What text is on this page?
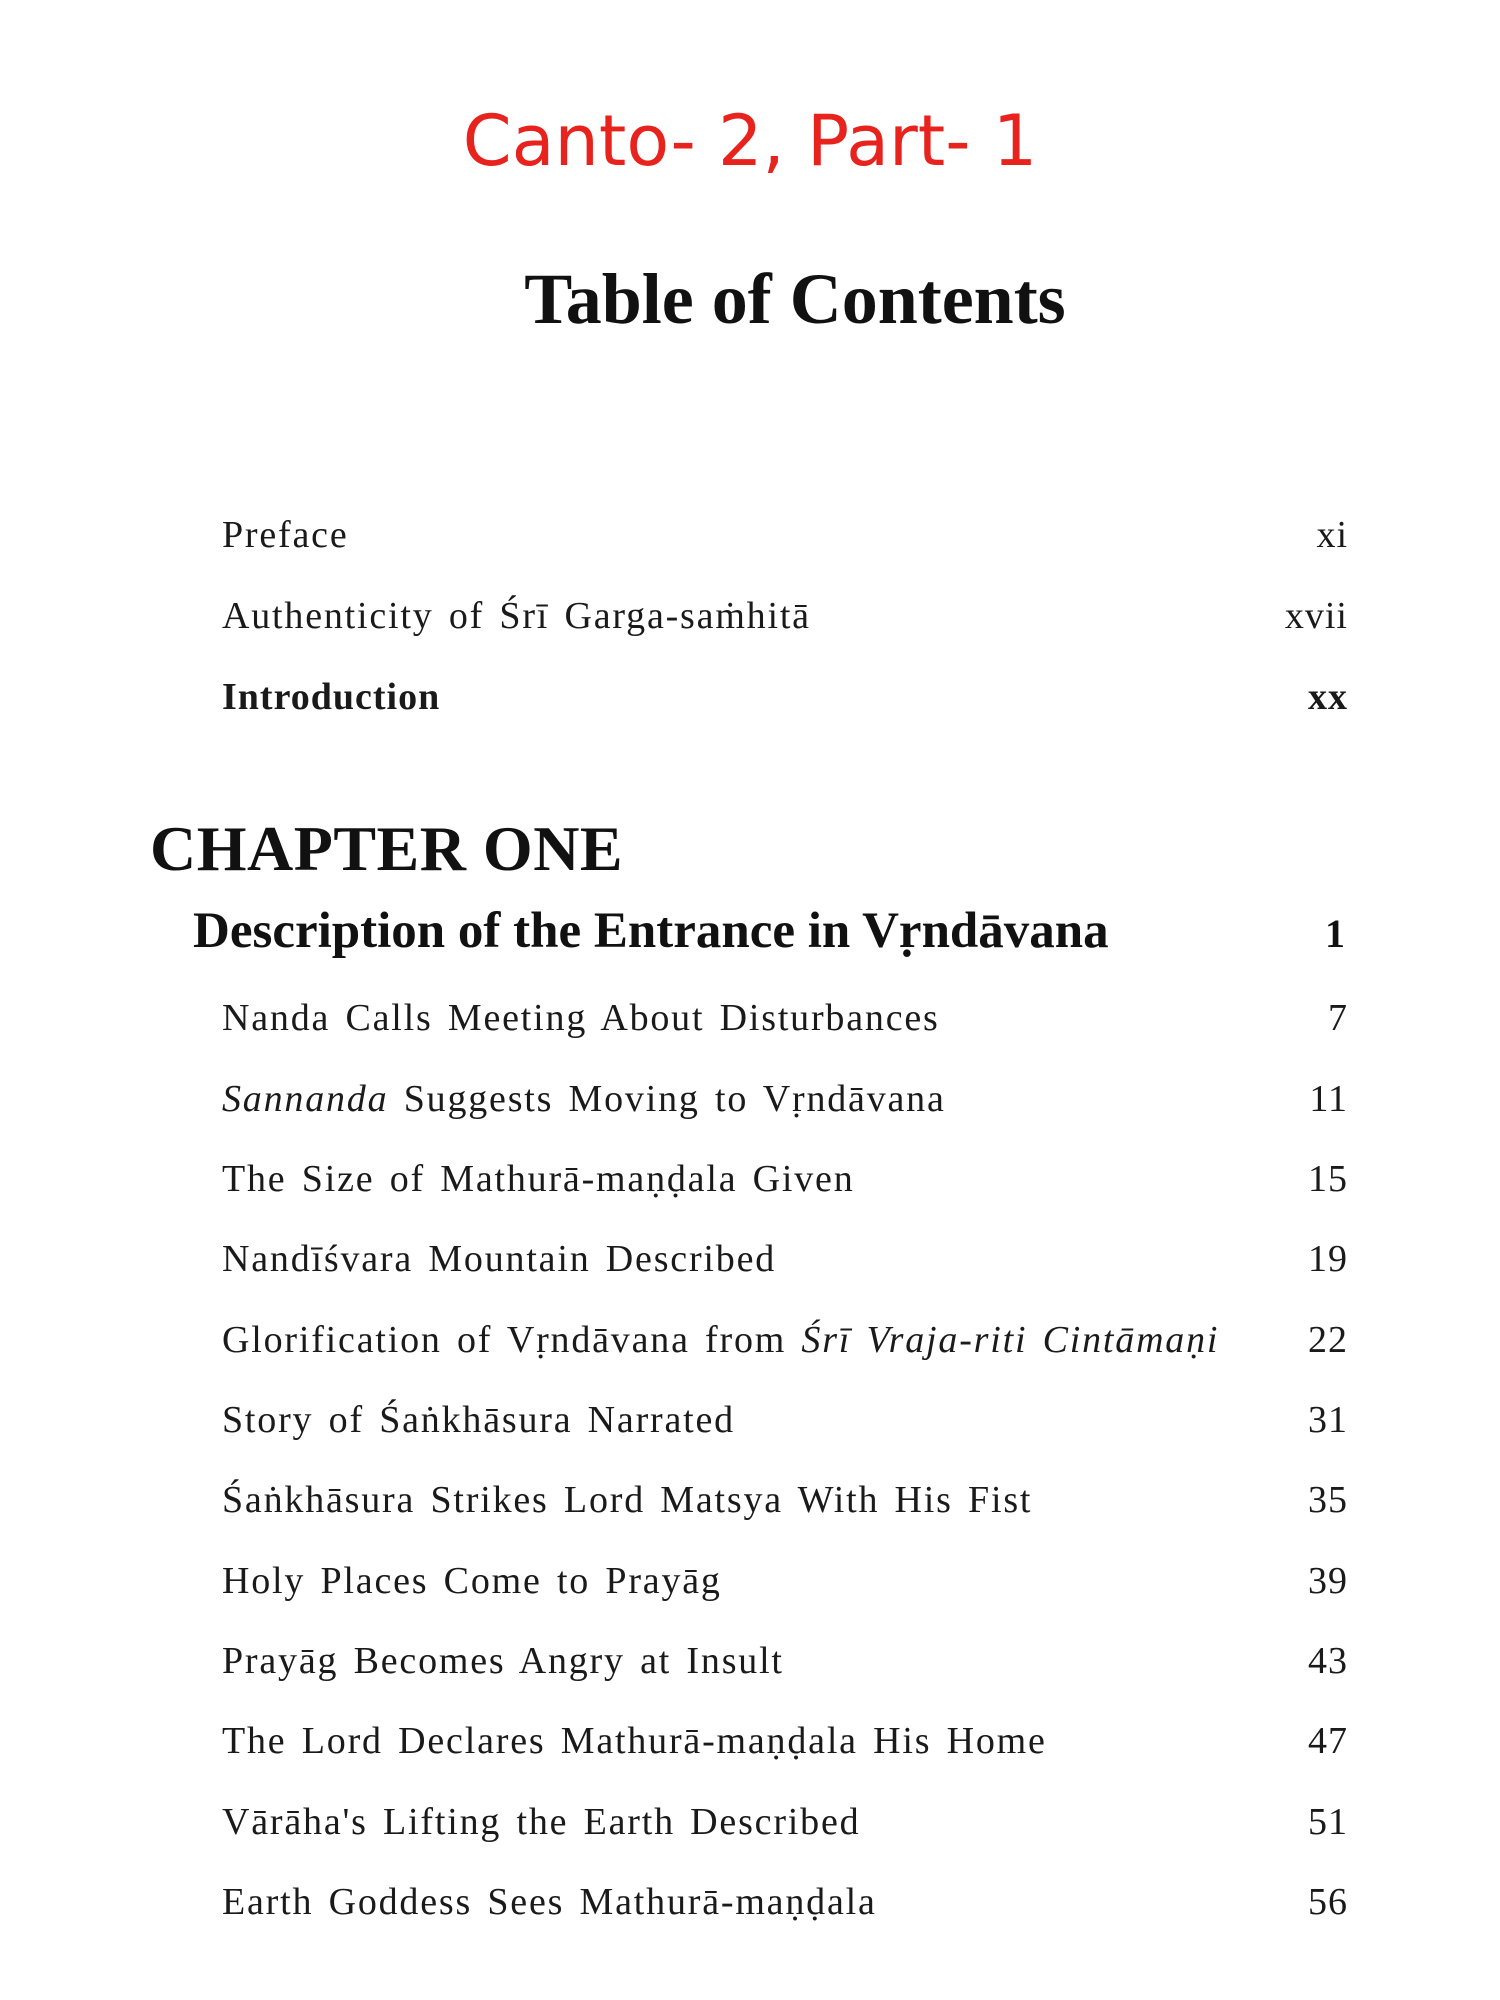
Canto- 2, Part- 1
Table of Contents
Preface	xi
Authenticity of Śrī Garga-saṁhitā	xvii
Introduction	xx
CHAPTER ONE
Description of the Entrance in Vṛndāvana	1
Nanda Calls Meeting About Disturbances	7
Sannanda Suggests Moving to Vṛndāvana	11
The Size of Mathurā-maṇḍala Given	15
Nandīśvara Mountain Described	19
Glorification of Vṛndāvana from Śrī Vraja-riti Cintāmaṇi 22
Story of Śaṅkhāsura Narrated	31
Śaṅkhāsura Strikes Lord Matsya With His Fist	35
Holy Places Come to Prayāg	39
Prayāg Becomes Angry at Insult	43
The Lord Declares Mathurā-maṇḍala His Home	47
Vārāha's Lifting the Earth Described	51
Earth Goddess Sees Mathurā-maṇḍala	56
